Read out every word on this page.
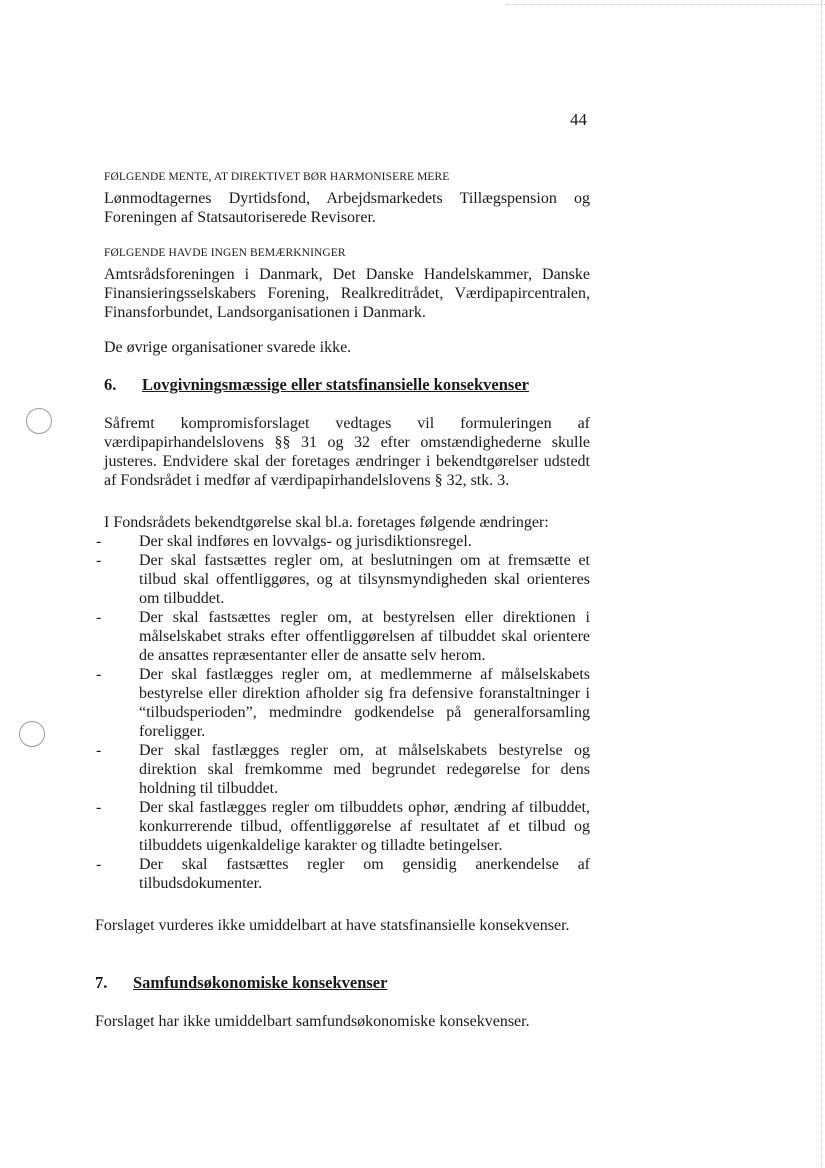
44
FØLGENDE MENTE, AT DIREKTIVET BØR HARMONISERE MERE
Lønmodtagernes Dyrtidsfond, Arbejdsmarkedets Tillægspension og Foreningen af Statsautoriserede Revisorer.
FØLGENDE HAVDE INGEN BEMÆRKNINGER
Amtsrådsforeningen i Danmark, Det Danske Handelskammer, Danske Finansieringsselskabers Forening, Realkreditrådet, Værdipapircentralen, Finansforbundet, Landsorganisationen i Danmark.
De øvrige organisationer svarede ikke.
6. Lovgivningsmæssige eller statsfinansielle konsekvenser
Såfremt kompromisforslaget vedtages vil formuleringen af værdipapirhandelslovens §§ 31 og 32 efter omstændighederne skulle justeres. Endvidere skal der foretages ændringer i bekendtgørelser udstedt af Fondsrådet i medfør af værdipapirhandelslovens § 32, stk. 3.
I Fondsrådets bekendtgørelse skal bl.a. foretages følgende ændringer:
- Der skal indføres en lovvalgs- og jurisdiktionsregel.
- Der skal fastsættes regler om, at beslutningen om at fremsætte et tilbud skal offentliggøres, og at tilsynsmyndigheden skal orienteres om tilbuddet.
- Der skal fastsættes regler om, at bestyrelsen eller direktionen i målselskabet straks efter offentliggørelsen af tilbuddet skal orientere de ansattes repræsentanter eller de ansatte selv herom.
- Der skal fastlægges regler om, at medlemmerne af målselskabets bestyrelse eller direktion afholder sig fra defensive foranstaltninger i “tilbudsperioden”, medmindre godkendelse på generalforsamling foreligger.
- Der skal fastlægges regler om, at målselskabets bestyrelse og direktion skal fremkomme med begrundet redegørelse for dens holdning til tilbuddet.
- Der skal fastlægges regler om tilbuddets ophør, ændring af tilbuddet, konkurrerende tilbud, offentliggørelse af resultatet af et tilbud og tilbuddets uigenkaldelige karakter og tilladte betingelser.
- Der skal fastsættes regler om gensidig anerkendelse af tilbudsdokumenter.
Forslaget vurderes ikke umiddelbart at have statsfinansielle konsekvenser.
7. Samfundsøkonomiske konsekvenser
Forslaget har ikke umiddelbart samfundsøkonomiske konsekvenser.
